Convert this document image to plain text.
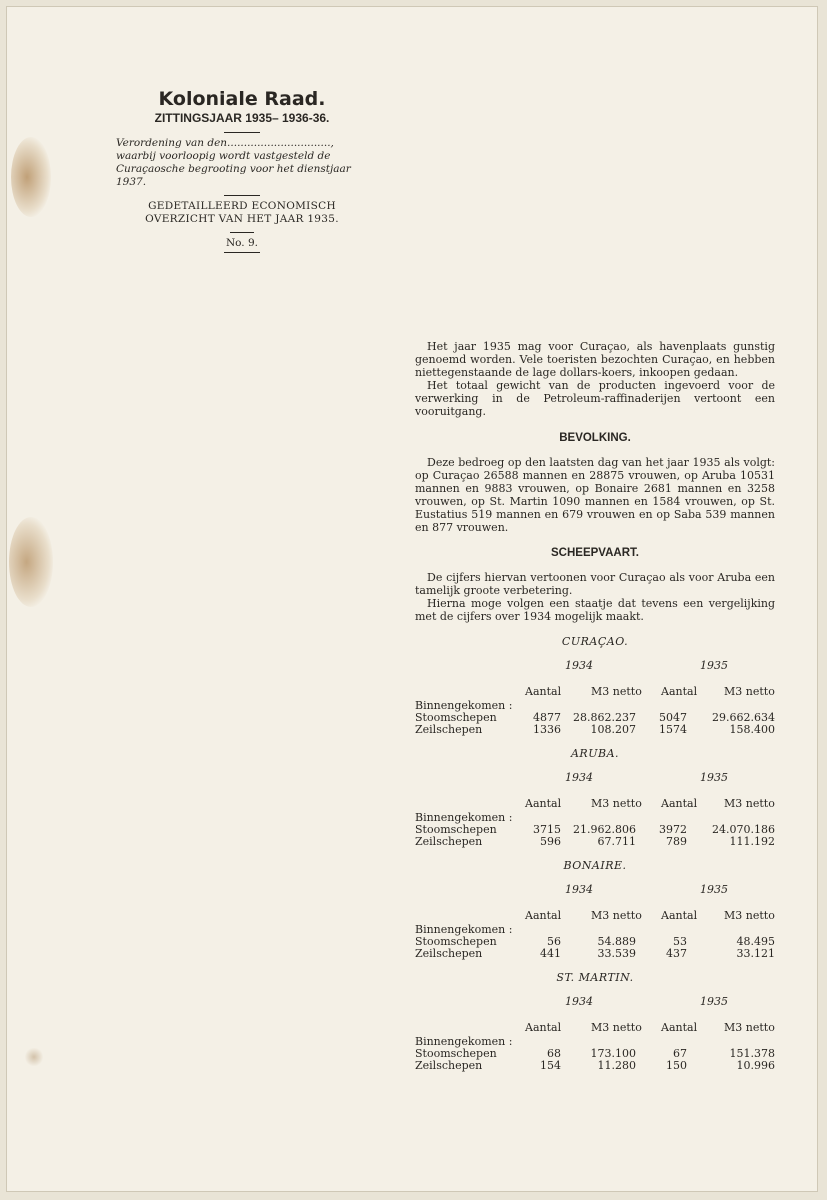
Koloniale Raad.

ZITTINGSJAAR 1935– 1936-36.

Verordening van den..............................., waarbij voorloopig wordt vastgesteld de Curaçaosche begrooting voor het dienstjaar 1937.

GEDETAILLEERD ECONOMISCH OVERZICHT VAN HET JAAR 1935.

No. 9.

Het jaar 1935 mag voor Curaçao, als havenplaats gunstig genoemd worden. Vele toeristen bezochten Curaçao, en hebben niettegenstaande de lage dollars-koers, inkoopen gedaan.

Het totaal gewicht van de producten ingevoerd voor de verwerking in de Petroleum-raffinaderijen vertoont een vooruitgang.

BEVOLKING.

Deze bedroeg op den laatsten dag van het jaar 1935 als volgt: op Curaçao 26588 mannen en 28875 vrouwen, op Aruba 10531 mannen en 9883 vrouwen, op Bonaire 2681 mannen en 3258 vrouwen, op St. Martin 1090 mannen en 1584 vrouwen, op St. Eustatius 519 mannen en 679 vrouwen en op Saba 539 mannen en 877 vrouwen.

SCHEEPVAART.

De cijfers hiervan vertoonen voor Curaçao als voor Aruba een tamelijk groote verbetering.

Hierna moge volgen een staatje dat tevens een vergelijking met de cijfers over 1934 mogelijk maakt.

CURAÇAO.
1934	1935
Aantal	M3 netto Aantal M3 netto
Binnengekomen :
Stoomschepen	4877 28.862.237 5047 29.662.634
Zeilschepen	1336	108.207 1574	158.400
ARUBA.
1934	1935
Aantal	M3 netto Aantal M3 netto
Binnengekomen :
Stoomschepen	3715 21.962.806 3972 24.070.186
Zeilschepen	596	67.711	789	111.192
BONAIRE.
1934	1935
Aantal	M3 netto Aantal M3 netto
Binnengekomen :
Stoomschepen	56	54.889	53	48.495
Zeilschepen	441	33.539	437	33.121
ST. MARTIN.
1934	1935
Aantal	M3 netto Aantal M3 netto
Binnengekomen :
Stoomschepen	68	173.100	67	151.378
Zeilschepen	154	11.280	150	10.996
